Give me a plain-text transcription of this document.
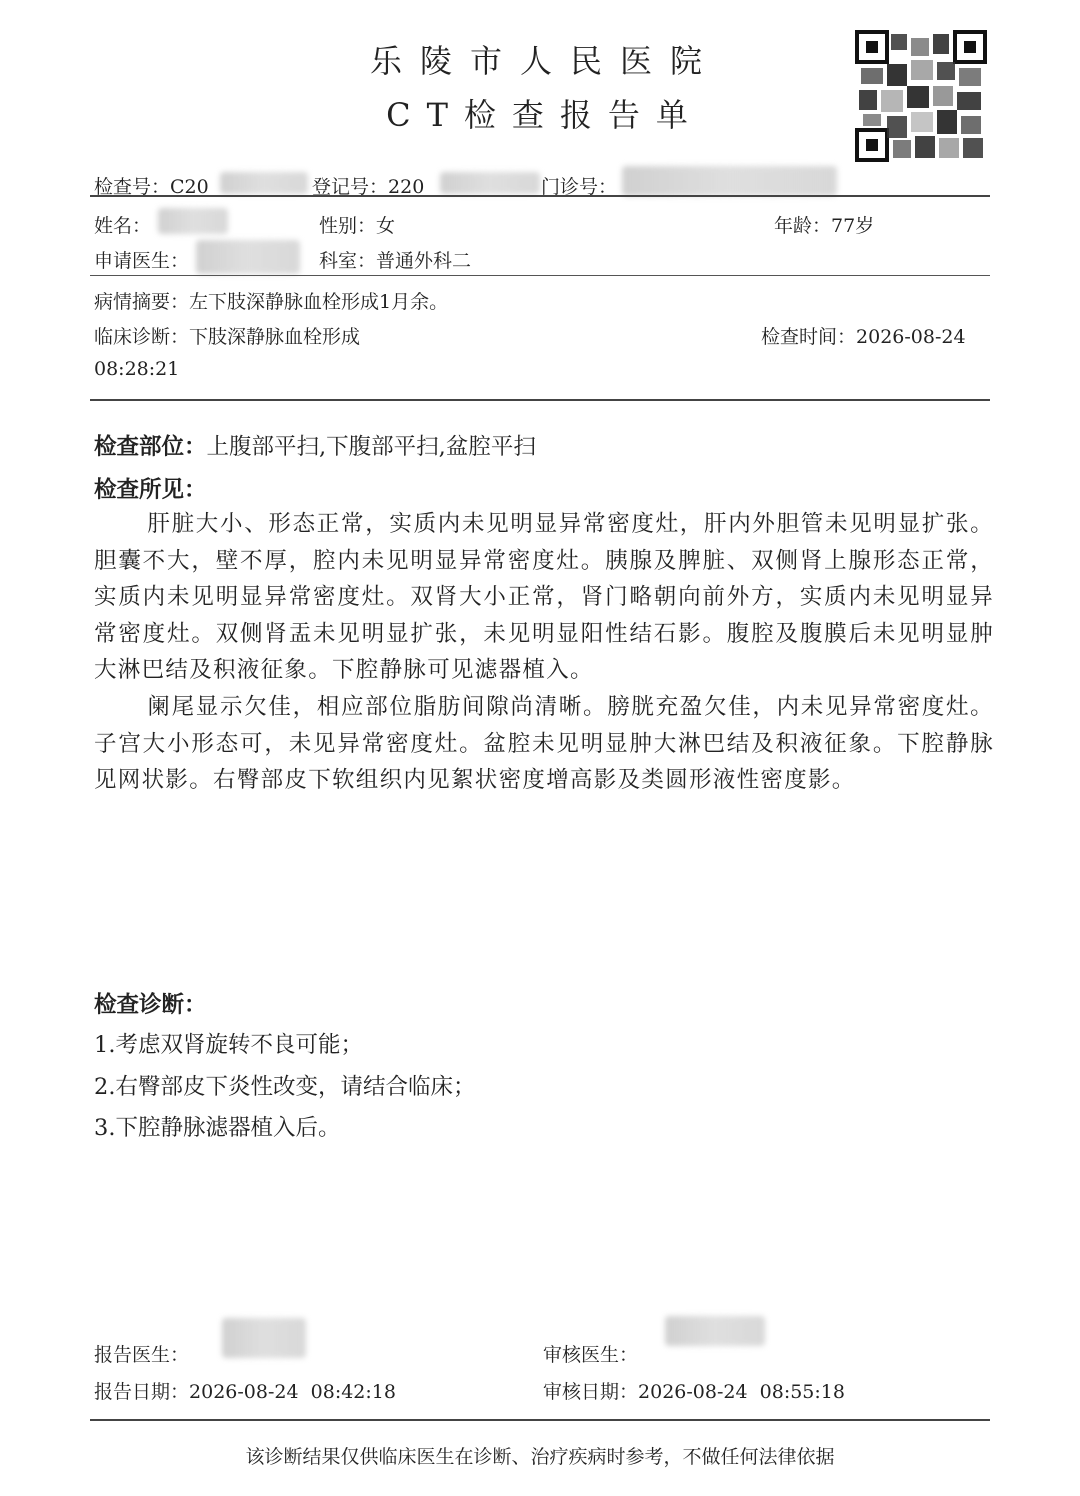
乐陵市人民医院
CT检查报告单
检查号：C20	登记号：220	门诊号：
姓名：	性别：女	年龄：77岁
申请医生：	科室：普通外科二
病情摘要：左下肢深静脉血栓形成1月余。
临床诊断：下肢深静脉血栓形成	检查时间：2026-08-24
08:28:21
检查部位：上腹部平扫,下腹部平扫,盆腔平扫
检查所见：
肝脏大小、形态正常，实质内未见明显异常密度灶，肝内外胆管未见明显扩张。胆囊不大，壁不厚，腔内未见明显异常密度灶。胰腺及脾脏、双侧肾上腺形态正常，实质内未见明显异常密度灶。双肾大小正常，肾门略朝向前外方，实质内未见明显异常密度灶。双侧肾盂未见明显扩张，未见明显阳性结石影。腹腔及腹膜后未见明显肿大淋巴结及积液征象。下腔静脉可见滤器植入。
阑尾显示欠佳，相应部位脂肪间隙尚清晰。膀胱充盈欠佳，内未见异常密度灶。子宫大小形态可，未见异常密度灶。盆腔未见明显肿大淋巴结及积液征象。下腔静脉见网状影。右臀部皮下软组织内见絮状密度增高影及类圆形液性密度影。
检查诊断：
1.考虑双肾旋转不良可能；
2.右臀部皮下炎性改变，请结合临床；
3.下腔静脉滤器植入后。
报告医生：	审核医生：
报告日期：2026-08-24  08:42:18	审核日期：2026-08-24  08:55:18
该诊断结果仅供临床医生在诊断、治疗疾病时参考，不做任何法律依据
